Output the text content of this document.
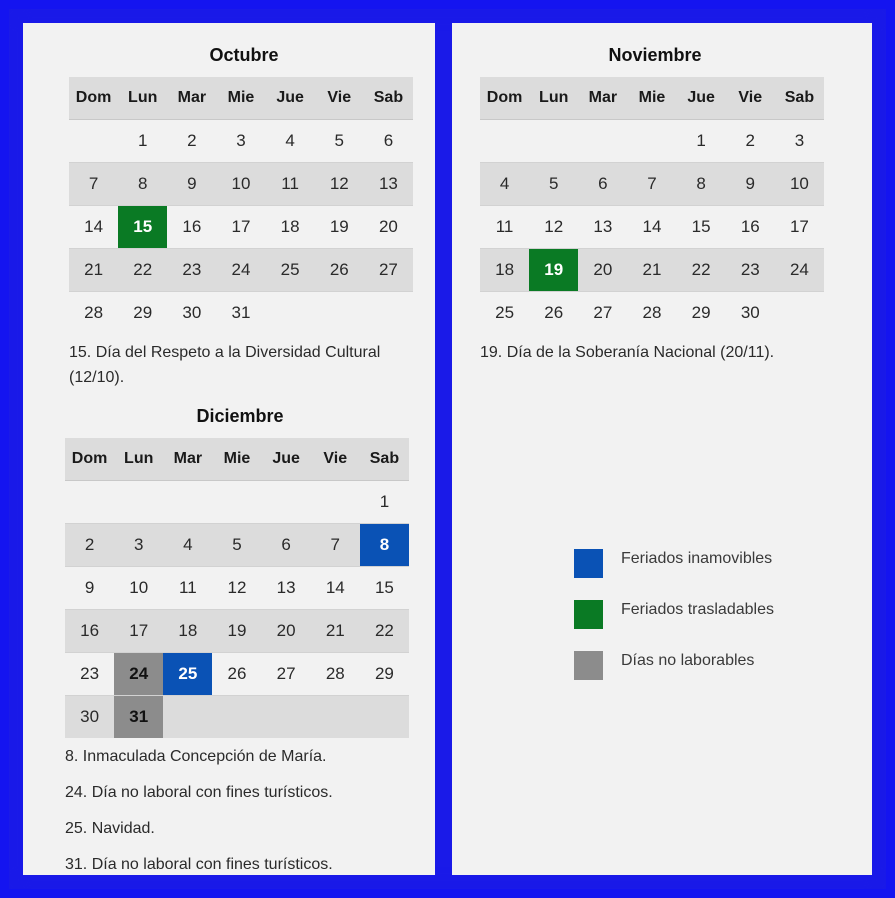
Octubre
Dom	Lun	Mar	Mie	Jue	Vie	Sab
	1	2	3	4	5	6
7	8	9	10	11	12	13
14	15	16	17	18	19	20
21	22	23	24	25	26	27
28	29	30	31			
15. Día del Respeto a la Diversidad Cultural (12/10).
Diciembre
Dom	Lun	Mar	Mie	Jue	Vie	Sab
						1
2	3	4	5	6	7	8
9	10	11	12	13	14	15
16	17	18	19	20	21	22
23	24	25	26	27	28	29
30	31					
8. Inmaculada Concepción de María.
24. Día no laboral con fines turísticos.
25. Navidad.
31. Día no laboral con fines turísticos.
Noviembre
Dom	Lun	Mar	Mie	Jue	Vie	Sab
				1	2	3
4	5	6	7	8	9	10
11	12	13	14	15	16	17
18	19	20	21	22	23	24
25	26	27	28	29	30	
19. Día de la Soberanía Nacional (20/11).
Feriados inamovibles
Feriados trasladables
Días no laborables
